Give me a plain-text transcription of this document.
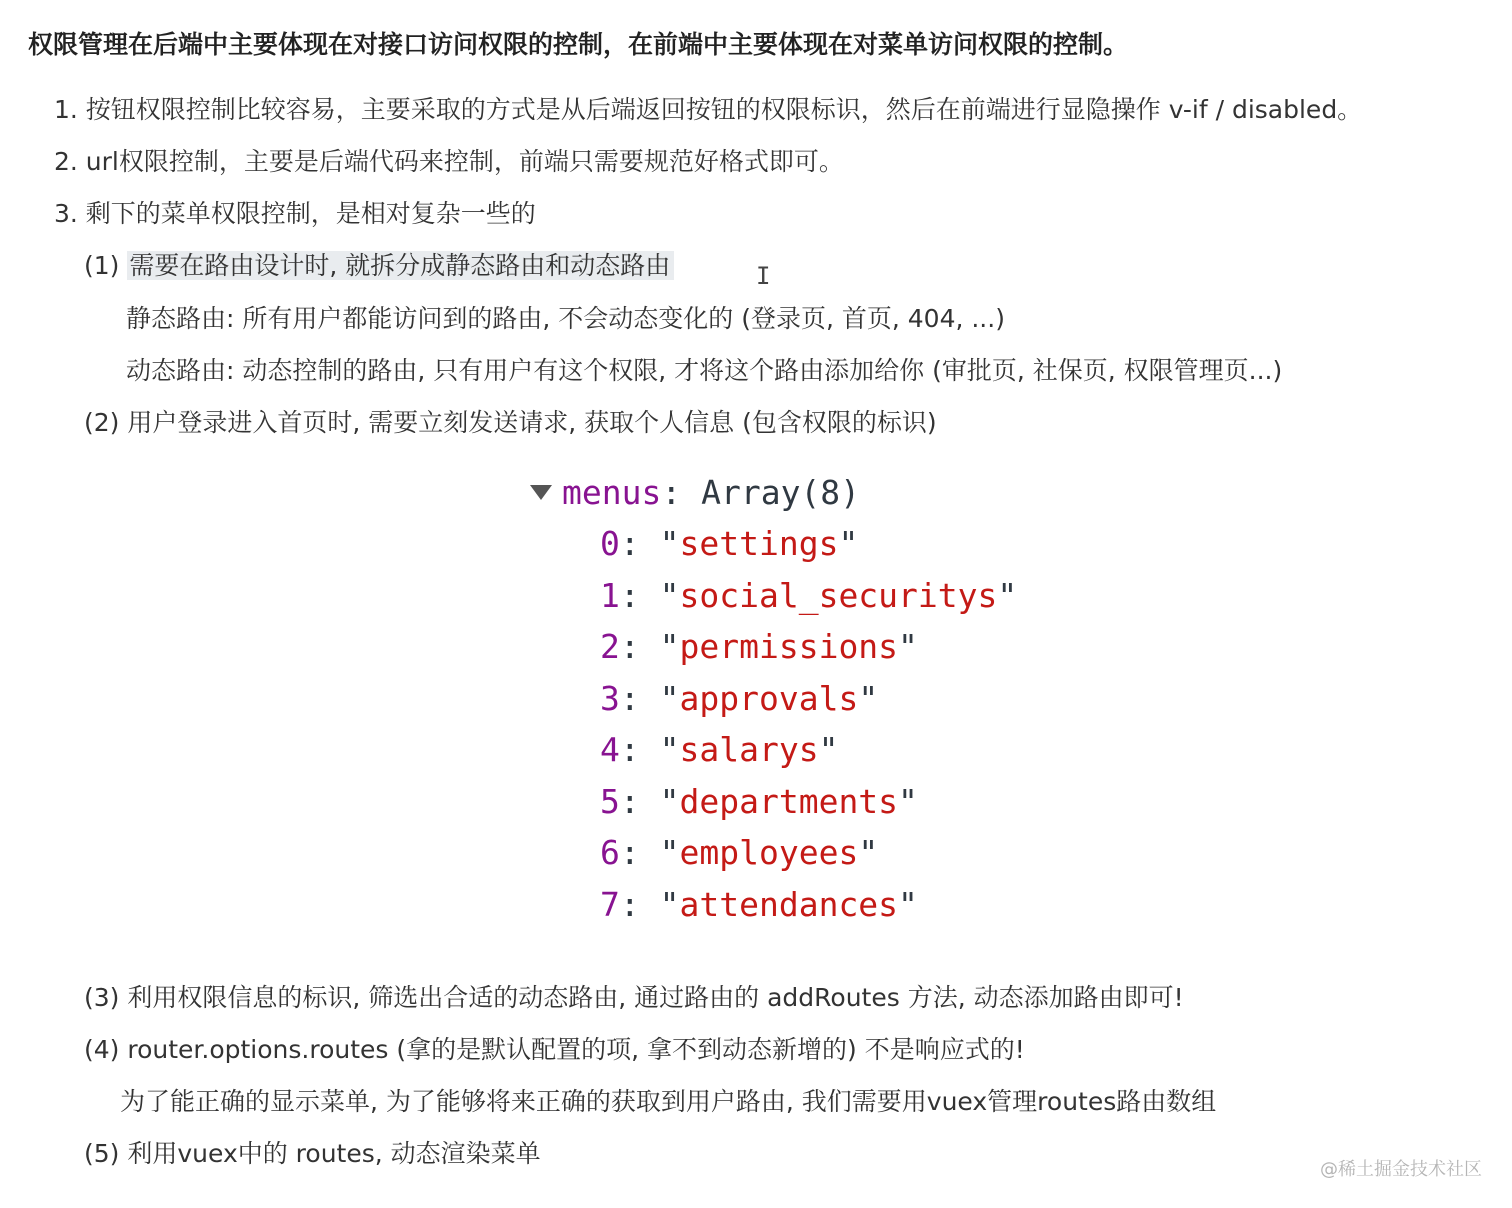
权限管理在后端中主要体现在对接口访问权限的控制，在前端中主要体现在对菜单访问权限的控制。
1. 按钮权限控制比较容易，主要采取的方式是从后端返回按钮的权限标识，然后在前端进行显隐操作 v-if / disabled。
2. url权限控制，主要是后端代码来控制，前端只需要规范好格式即可。
3. 剩下的菜单权限控制，是相对复杂一些的
(1) 需要在路由设计时, 就拆分成静态路由和动态路由	I
静态路由: 所有用户都能访问到的路由, 不会动态变化的 (登录页, 首页, 404, ...)
动态路由: 动态控制的路由, 只有用户有这个权限, 才将这个路由添加给你 (审批页, 社保页, 权限管理页...)
(2) 用户登录进入首页时, 需要立刻发送请求, 获取个人信息 (包含权限的标识)
menus: Array(8)
0: "settings"
1: "social_securitys"
2: "permissions"
3: "approvals"
4: "salarys"
5: "departments"
6: "employees"
7: "attendances"
(3) 利用权限信息的标识, 筛选出合适的动态路由, 通过路由的 addRoutes 方法, 动态添加路由即可!
(4) router.options.routes (拿的是默认配置的项, 拿不到动态新增的) 不是响应式的!
为了能正确的显示菜单, 为了能够将来正确的获取到用户路由, 我们需要用vuex管理routes路由数组
(5) 利用vuex中的 routes, 动态渲染菜单
@稀土掘金技术社区
